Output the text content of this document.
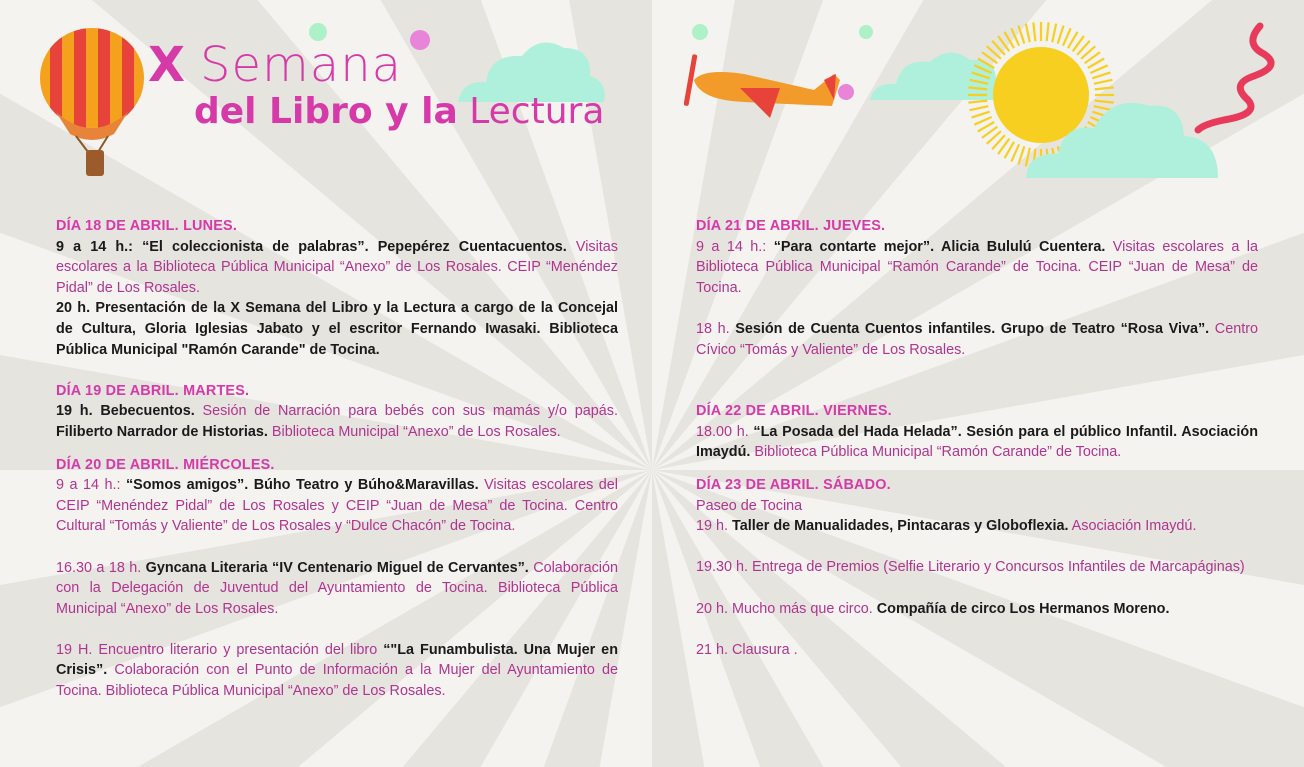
X Semana
del Libro y la Lectura
DÍA 18 DE ABRIL. LUNES.
9 a 14 h.: “El coleccionista de palabras”. Pepepérez Cuentacuentos. Visitas escolares a la Biblioteca Pública Municipal “Anexo” de Los Rosales. CEIP “Menéndez Pidal” de Los Rosales.
20 h. Presentación de la X Semana del Libro y la Lectura a cargo de la Concejal de Cultura, Gloria Iglesias Jabato y el escritor Fernando Iwasaki. Biblioteca Pública Municipal "Ramón Carande" de Tocina.
DÍA 19 DE ABRIL. MARTES.
19 h. Bebecuentos. Sesión de Narración para bebés con sus mamás y/o papás. Filiberto Narrador de Historias. Biblioteca Municipal “Anexo” de Los Rosales.
DÍA 20 DE ABRIL. MIÉRCOLES.
9 a 14 h.: “Somos amigos”. Búho Teatro y Búho&Maravillas. Visitas escolares del CEIP “Menéndez Pidal” de Los Rosales y CEIP “Juan de Mesa” de Tocina. Centro Cultural “Tomás y Valiente” de Los Rosales y “Dulce Chacón” de Tocina.
16.30 a 18 h. Gyncana Literaria “IV Centenario Miguel de Cervantes”. Colaboración con la Delegación de Juventud del Ayuntamiento de Tocina. Biblioteca Pública Municipal “Anexo” de Los Rosales.
19 H. Encuentro literario y presentación del libro “"La Funambulista. Una Mujer en Crisis”. Colaboración con el Punto de Información a la Mujer del Ayuntamiento de Tocina. Biblioteca Pública Municipal “Anexo” de Los Rosales.
DÍA 21 DE ABRIL. JUEVES.
9 a 14 h.: “Para contarte mejor”. Alicia Bululú Cuentera. Visitas escolares a la Biblioteca Pública Municipal “Ramón Carande” de Tocina. CEIP “Juan de Mesa” de Tocina.
18 h. Sesión de Cuenta Cuentos infantiles. Grupo de Teatro “Rosa Viva”. Centro Cívico “Tomás y Valiente” de Los Rosales.
DÍA 22 DE ABRIL. VIERNES.
18.00 h. “La Posada del Hada Helada”. Sesión para el público Infantil. Asociación Imaydú. Biblioteca Pública Municipal “Ramón Carande” de Tocina.
DÍA 23 DE ABRIL. SÁBADO.
Paseo de Tocina
19 h. Taller de Manualidades, Pintacaras y Globoflexia. Asociación Imaydú.
19.30 h. Entrega de Premios (Selfie Literario y Concursos Infantiles de Marcapáginas)
20 h. Mucho más que circo. Compañía de circo Los Hermanos Moreno.
21 h. Clausura .
